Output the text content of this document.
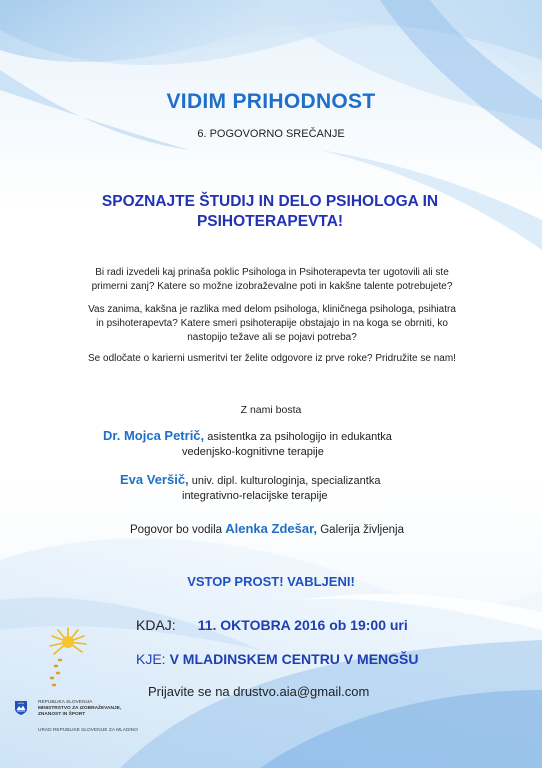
VIDIM PRIHODNOST
6. POGOVORNO SREČANJE
SPOZNAJTE ŠTUDIJ IN DELO PSIHOLOGA IN
PSIHOTERAPEVTA!
Bi radi izvedeli kaj prinaša poklic Psihologa in Psihoterapevta ter ugotovili ali ste
primerni zanj? Katere so možne izobraževalne poti in kakšne talente potrebujete?
Vas zanima, kakšna je razlika med delom psihologa, kliničnega psihologa, psihiatra
in psihoterapevta? Katere smeri psihoterapije obstajajo in na koga se obrniti, ko
nastopijo težave ali se pojavi potreba?
Se odločate o karierni usmeritvi ter želite odgovore iz prve roke? Pridružite se nam!
Z nami bosta
Dr. Mojca Petrič, asistentka za psihologijo in edukantka
vedenjsko-kognitivne terapije
Eva Veršič, univ. dipl. kulturologinja, specializantka
integrativno-relacijske terapije
Pogovor bo vodila Alenka Zdešar, Galerija življenja
VSTOP PROST! VABLJENI!
KDAJ: 11. OKTOBRA 2016 ob 19:00 uri
KJE: V MLADINSKEM CENTRU V MENGŠU
Prijavite se na drustvo.aia@gmail.com
REPUBLIKA SLOVENIJA
MINISTRSTVO ZA IZOBRAŽEVANJE,
ZNANOST IN ŠPORT
URAD REPUBLIKE SLOVENIJE ZA MLADINO
